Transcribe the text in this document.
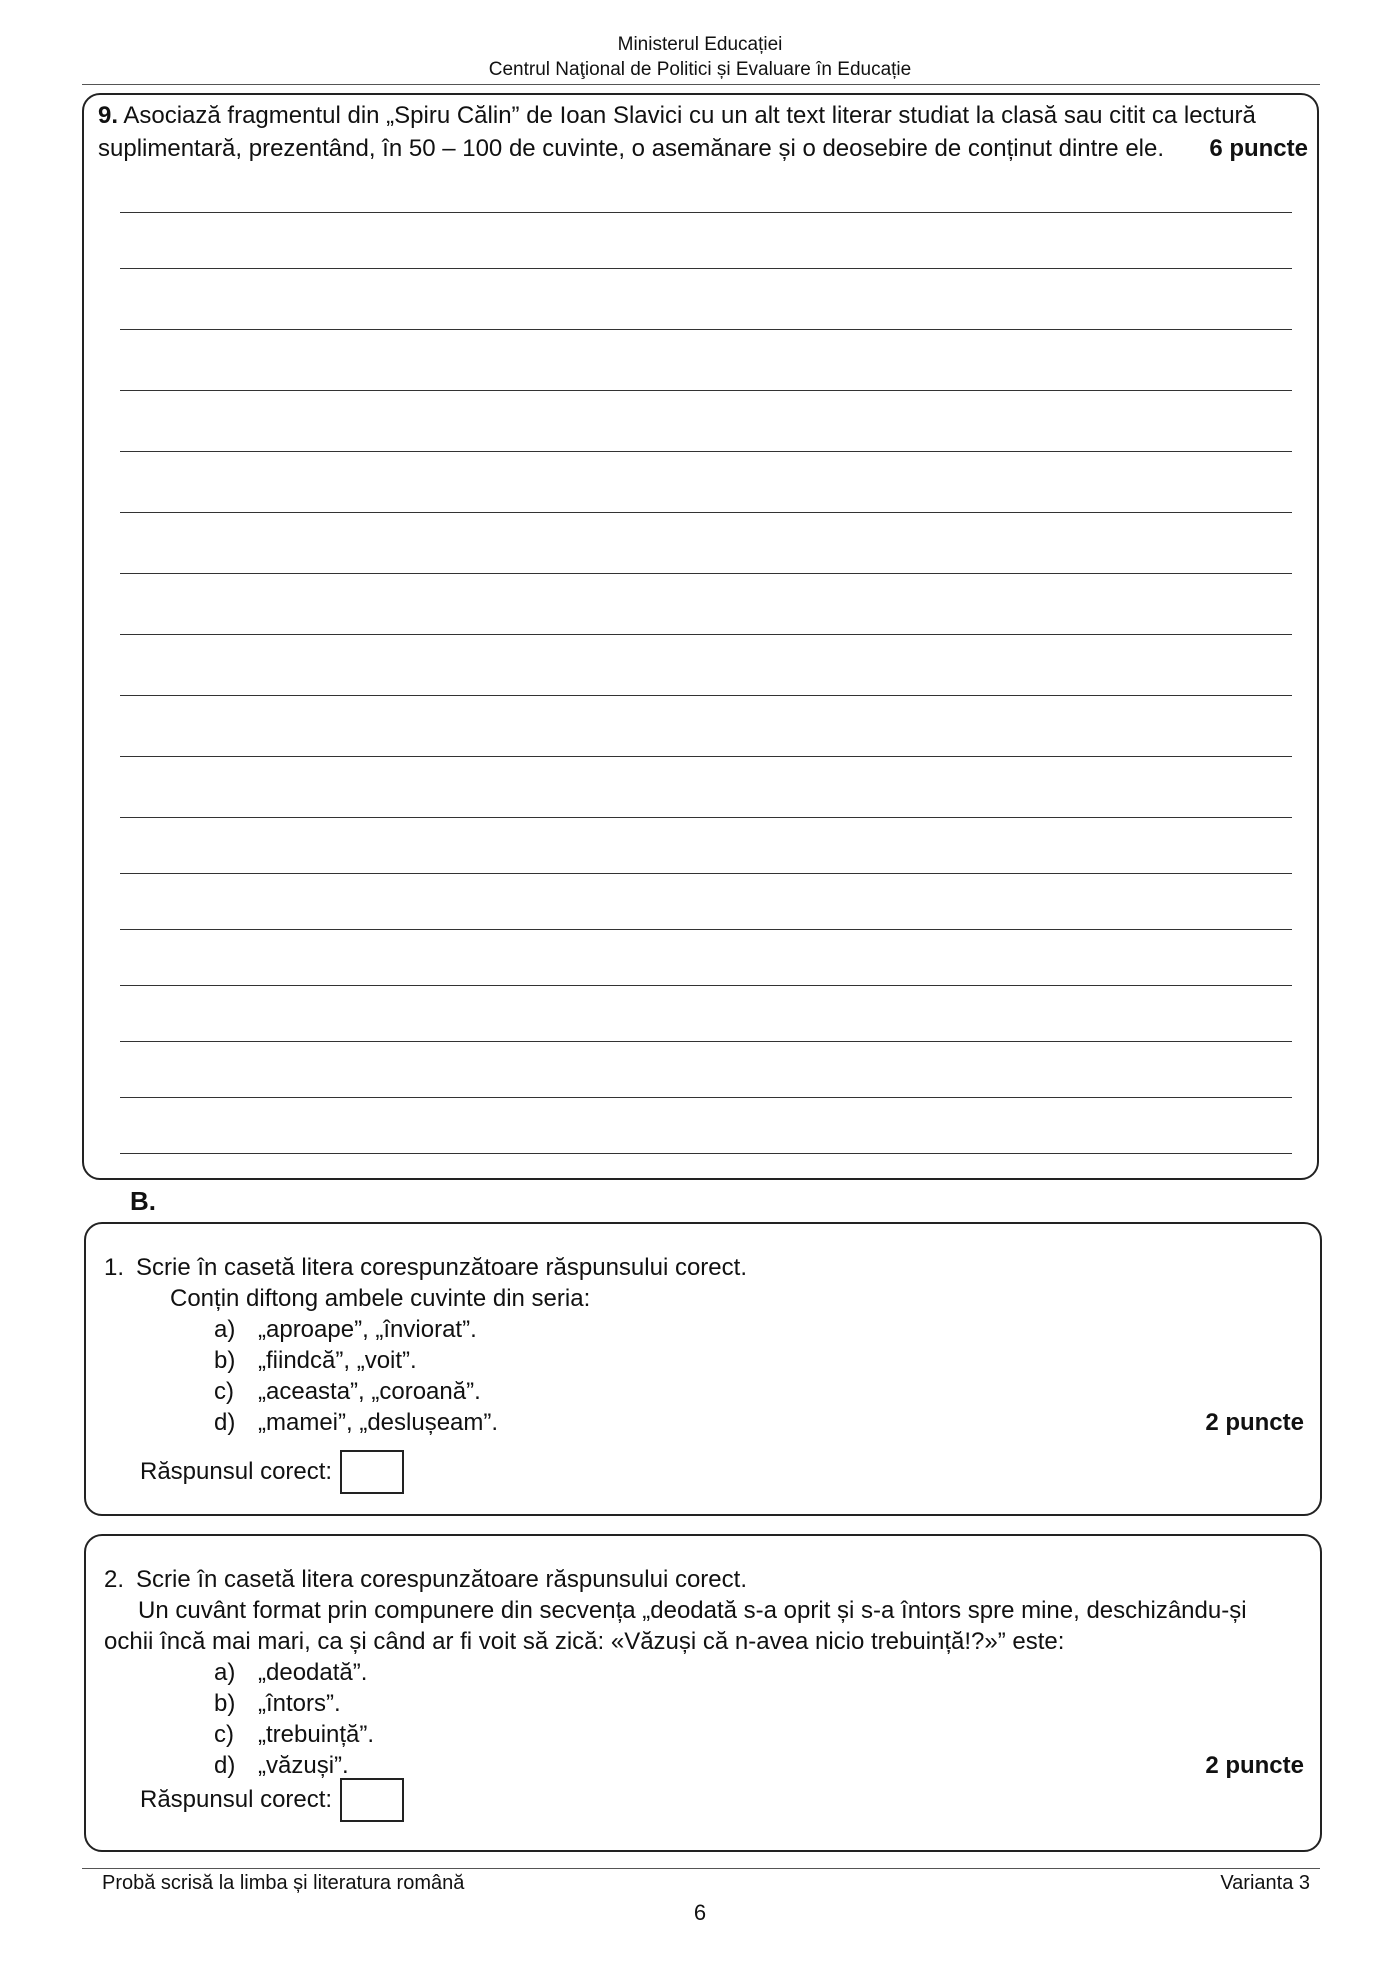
Ministerul Educației
Centrul Naţional de Politici și Evaluare în Educație
9. Asociază fragmentul din „Spiru Călin” de Ioan Slavici cu un alt text literar studiat la clasă sau citit ca lectură
suplimentară, prezentând, în 50 – 100 de cuvinte, o asemănare și o deosebire de conținut dintre ele. 6 puncte
B.
1. Scrie în casetă litera corespunzătoare răspunsului corect.
Conțin diftong ambele cuvinte din seria:
a) „aproape”, „înviorat”.
b) „fiindcă”, „voit”.
c)	„aceasta”, „coroană”.
d) „mamei”, „deslușeam”.	2 puncte
Răspunsul corect:
2. Scrie în casetă litera corespunzătoare răspunsului corect.
Un cuvânt format prin compunere din secvența „deodată s-a oprit și s-a întors spre mine, deschizându-și
ochii încă mai mari, ca și când ar fi voit să zică: «Văzuși că n-avea nicio trebuință!?»” este:
a) „deodată”.
b) „întors”.
c)	„trebuință”.
d) „văzuși”.	2 puncte
Răspunsul corect:
Probă scrisă la limba și literatura română	Varianta 3
6
